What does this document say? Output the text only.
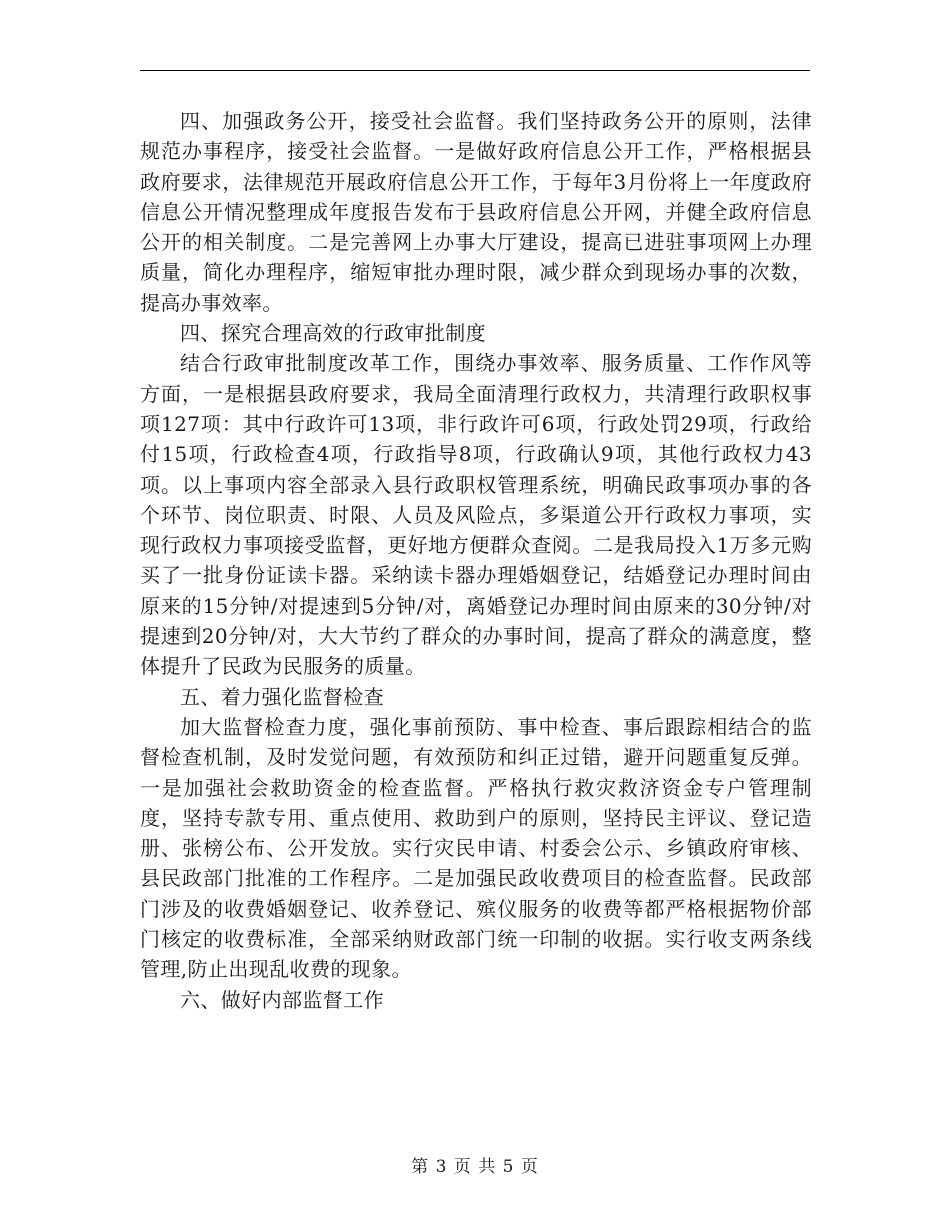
四、加强政务公开，接受社会监督。我们坚持政务公开的原则，法律规范办事程序，接受社会监督。一是做好政府信息公开工作，严格根据县政府要求，法律规范开展政府信息公开工作，于每年3月份将上一年度政府信息公开情况整理成年度报告发布于县政府信息公开网，并健全政府信息公开的相关制度。二是完善网上办事大厅建设，提高已进驻事项网上办理质量，简化办理程序，缩短审批办理时限，减少群众到现场办事的次数，提高办事效率。

四、探究合理高效的行政审批制度

结合行政审批制度改革工作，围绕办事效率、服务质量、工作作风等方面，一是根据县政府要求，我局全面清理行政权力，共清理行政职权事项127项：其中行政许可13项，非行政许可6项，行政处罚29项，行政给付15项，行政检查4项，行政指导8项，行政确认9项，其他行政权力43项。以上事项内容全部录入县行政职权管理系统，明确民政事项办事的各个环节、岗位职责、时限、人员及风险点，多渠道公开行政权力事项，实现行政权力事项接受监督，更好地方便群众查阅。二是我局投入1万多元购买了一批身份证读卡器。采纳读卡器办理婚姻登记，结婚登记办理时间由原来的15分钟/对提速到5分钟/对，离婚登记办理时间由原来的30分钟/对提速到20分钟/对，大大节约了群众的办事时间，提高了群众的满意度，整体提升了民政为民服务的质量。

五、着力强化监督检查

加大监督检查力度，强化事前预防、事中检查、事后跟踪相结合的监督检查机制，及时发觉问题，有效预防和纠正过错，避开问题重复反弹。一是加强社会救助资金的检查监督。严格执行救灾救济资金专户管理制度，坚持专款专用、重点使用、救助到户的原则，坚持民主评议、登记造册、张榜公布、公开发放。实行灾民申请、村委会公示、乡镇政府审核、县民政部门批准的工作程序。二是加强民政收费项目的检查监督。民政部门涉及的收费婚姻登记、收养登记、殡仪服务的收费等都严格根据物价部门核定的收费标准，全部采纳财政部门统一印制的收据。实行收支两条线管理,防止出现乱收费的现象。

六、做好内部监督工作

第 3 页 共 5 页
